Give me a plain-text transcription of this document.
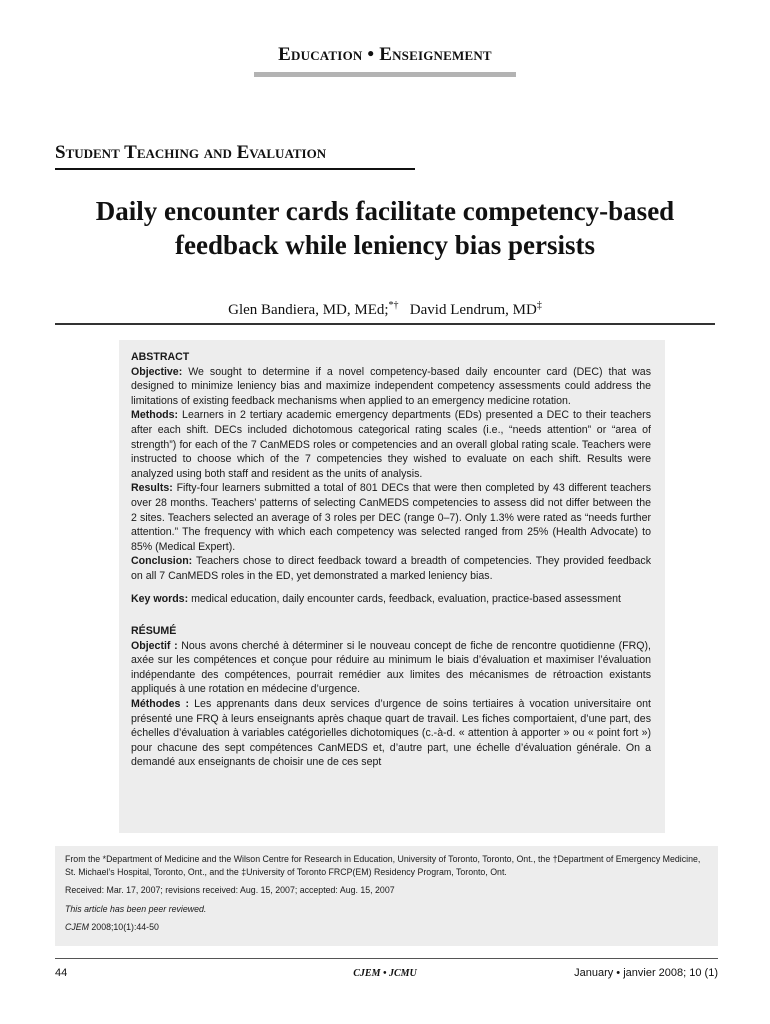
Education • Enseignement
Student Teaching and Evaluation
Daily encounter cards facilitate competency-based
feedback while leniency bias persists
Glen Bandiera, MD, MEd;*† David Lendrum, MD‡

ABSTRACT

Objective: We sought to determine if a novel competency-based daily encounter card (DEC) that was designed to minimize leniency bias and maximize independent competency assessments could address the limitations of existing feedback mechanisms when applied to an emergency medicine rotation.

Methods: Learners in 2 tertiary academic emergency departments (EDs) presented a DEC to their teachers after each shift. DECs included dichotomous categorical rating scales (i.e., “needs attention” or “area of strength”) for each of the 7 CanMEDS roles or competencies and an overall global rating scale. Teachers were instructed to choose which of the 7 competencies they wished to evaluate on each shift. Results were analyzed using both staff and resident as the units of analysis.

Results: Fifty-four learners submitted a total of 801 DECs that were then completed by 43 different teachers over 28 months. Teachers’ patterns of selecting CanMEDS competencies to assess did not differ between the 2 sites. Teachers selected an average of 3 roles per DEC (range 0–7). Only 1.3% were rated as “needs further attention.” The frequency with which each competency was selected ranged from 25% (Health Advocate) to 85% (Medical Expert).

Conclusion: Teachers chose to direct feedback toward a breadth of competencies. They provided feedback on all 7 CanMEDS roles in the ED, yet demonstrated a marked leniency bias.

Key words: medical education, daily encounter cards, feedback, evaluation, practice-based assessment

RÉSUMÉ

Objectif : Nous avons cherché à déterminer si le nouveau concept de fiche de rencontre quotidienne (FRQ), axée sur les compétences et conçue pour réduire au minimum le biais d’évaluation et maximiser l’évaluation indépendante des compétences, pourrait remédier aux limites des mécanismes de rétroaction existants appliqués à une rotation en médecine d’urgence.

Méthodes : Les apprenants dans deux services d’urgence de soins tertiaires à vocation universitaire ont présenté une FRQ à leurs enseignants après chaque quart de travail. Les fiches comportaient, d’une part, des échelles d’évaluation à variables catégorielles dichotomiques (c.-à-d. « attention à apporter » ou « point fort ») pour chacune des sept compétences CanMEDS et, d’autre part, une échelle d’évaluation générale. On a demandé aux enseignants de choisir une de ces sept

From the *Department of Medicine and the Wilson Centre for Research in Education, University of Toronto, Toronto, Ont., the †Department of Emergency Medicine, St. Michael’s Hospital, Toronto, Ont., and the ‡University of Toronto FRCP(EM) Residency Program, Toronto, Ont.

Received: Mar. 17, 2007; revisions received: Aug. 15, 2007; accepted: Aug. 15, 2007

This article has been peer reviewed.

CJEM 2008;10(1):44-50

44	CJEM • JCMU	January • janvier 2008; 10 (1)
